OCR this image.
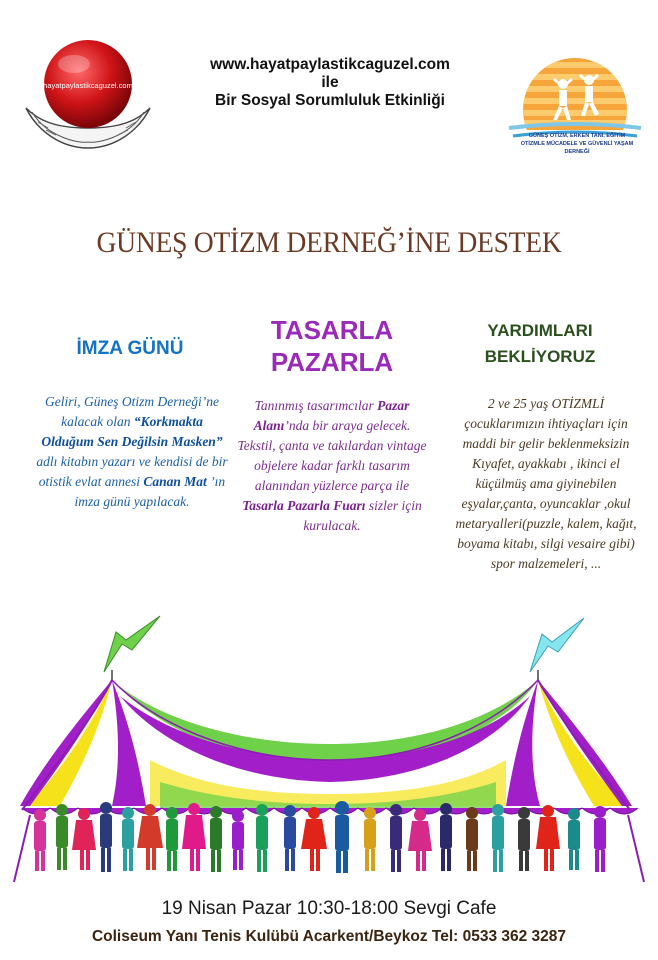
hayatpaylastikcaguzel.com
GÜNEŞ OTİZM, ERKEN TANI, EĞİTİM
OTİZMLE MÜCADELE VE GÜVENLİ YAŞAM DERNEĞİ
www.hayatpaylastikcaguzel.com
ile
Bir Sosyal Sorumluluk Etkinliği
GÜNEŞ OTİZM DERNEĞ’İNE DESTEK
İMZA GÜNÜ
TASARLA
PAZARLA
YARDIMLARI
BEKLİYORUZ
Geliri, Güneş Otizm Derneği’ne kalacak olan “Korkmakta Olduğum Sen Değilsin Masken” adlı kitabın yazarı ve kendisi de bir otistik evlat annesi Canan Mat ’ın imza günü yapılacak.
Tanınmış tasarımcılar Pazar Alanı’nda bir araya gelecek. Tekstil, çanta ve takılardan vintage objelere kadar farklı tasarım alanından yüzlerce parça ile Tasarla Pazarla Fuarı sizler için kurulacak.
2 ve 25 yaş OTİZMLİ çocuklarımızın ihtiyaçları için maddi bir gelir beklenmeksizin Kıyafet, ayakkabı , ikinci el küçülmüş ama giyinebilen eşyalar,çanta, oyuncaklar ,okul metaryalleri(puzzle, kalem, kağıt, boyama kitabı, silgi vesaire gibi) spor malzemeleri, ...
19 Nisan Pazar 10:30-18:00 Sevgi Cafe
Coliseum Yanı Tenis Kulübü Acarkent/Beykoz Tel: 0533 362 3287
